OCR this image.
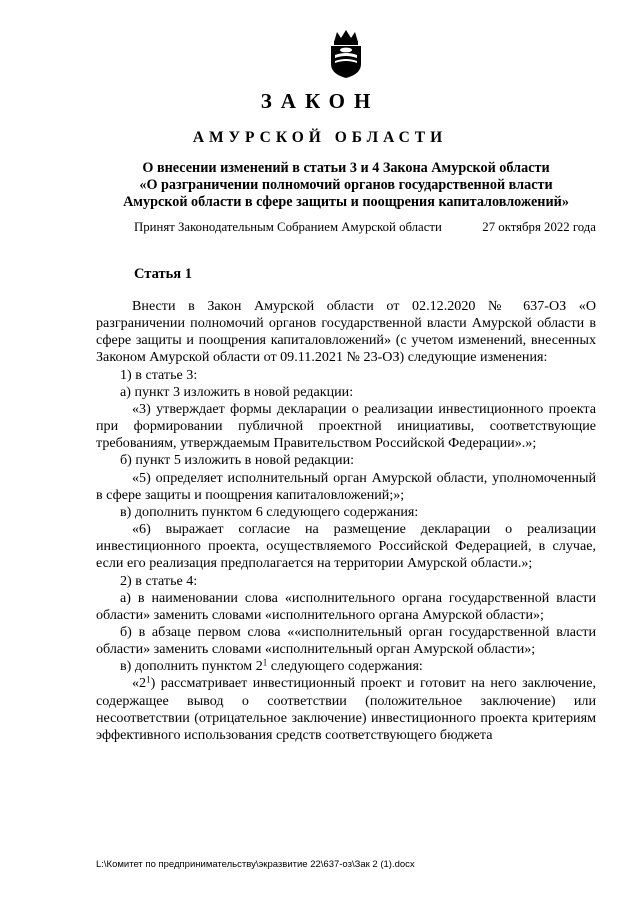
ЗАКОН
АМУРСКОЙ ОБЛАСТИ
О внесении изменений в статьи 3 и 4 Закона Амурской области
«О разграничении полномочий органов государственной власти
Амурской области в сфере защиты и поощрения капиталовложений»
Принят Законодательным Собранием Амурской области	27 октября 2022 года
Статья 1

Внести в Закон Амурской области от 02.12.2020 № 637-ОЗ «О разграничении полномочий органов государственной власти Амурской области в сфере защиты и поощрения капиталовложений» (с учетом изменений, внесенных Законом Амурской области от 09.11.2021 № 23-ОЗ) следующие изменения:

1) в статье 3:

а) пункт 3 изложить в новой редакции:

«3) утверждает формы декларации о реализации инвестиционного проекта при формировании публичной проектной инициативы, соответствующие требованиям, утверждаемым Правительством Российской Федерации».»;

б) пункт 5 изложить в новой редакции:

«5) определяет исполнительный орган Амурской области, уполномоченный в сфере защиты и поощрения капиталовложений;»;

в) дополнить пунктом 6 следующего содержания:

«6) выражает согласие на размещение декларации о реализации инвестиционного проекта, осуществляемого Российской Федерацией, в случае, если его реализация предполагается на территории Амурской области.»;

2) в статье 4:

а) в наименовании слова «исполнительного органа государственной власти области» заменить словами «исполнительного органа Амурской области»;

б) в абзаце первом слова ««исполнительный орган государственной власти области» заменить словами «исполнительный орган Амурской области»;

в) дополнить пунктом $2^1$ следующего содержания:

«$2^1$) рассматривает инвестиционный проект и готовит на него заключение, содержащее вывод о соответствии (положительное заключение) или несоответствии (отрицательное заключение) инвестиционного проекта критериям эффективного использования средств соответствующего бюджета

L:\Комитет по предпринимательству\экразвитие 22\637-оз\Зак 2 (1).docx
